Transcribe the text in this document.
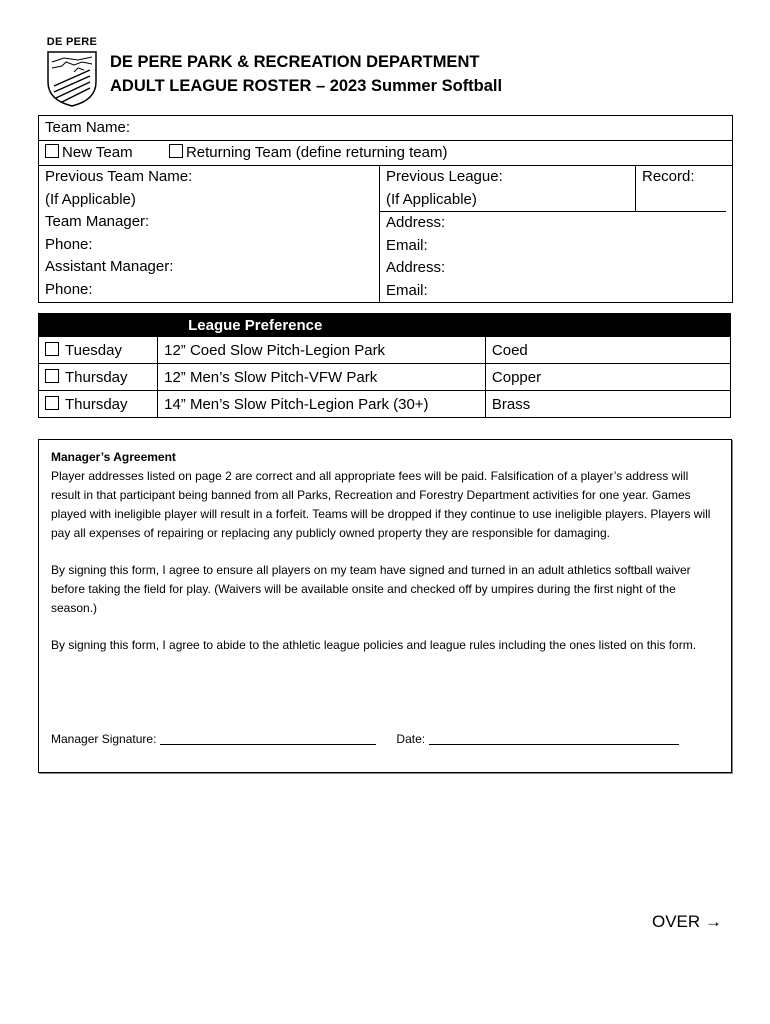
DE PERE
DE PERE PARK & RECREATION DEPARTMENT
ADULT LEAGUE ROSTER – 2023 Summer Softball
Team Name:
New Team	Returning Team (define returning team)
Previous Team Name:
(If Applicable)
Team Manager:
Phone:
Assistant Manager:
Phone:
Previous League:
(If Applicable)
Record:
Address:
Email:
Address:
Email:
	League Preference	
Tuesday	12” Coed Slow Pitch-Legion Park	Coed
Thursday	12” Men’s Slow Pitch-VFW Park	Copper
Thursday	14” Men’s Slow Pitch-Legion Park (30+)	Brass
Manager’s Agreement

Player addresses listed on page 2 are correct and all appropriate fees will be paid. Falsification of a player’s address will result in that participant being banned from all Parks, Recreation and Forestry Department activities for one year. Games played with ineligible player will result in a forfeit. Teams will be dropped if they continue to use ineligible players. Players will pay all expenses of repairing or replacing any publicly owned property they are responsible for damaging.

By signing this form, I agree to ensure all players on my team have signed and turned in an adult athletics softball waiver before taking the field for play. (Waivers will be available onsite and checked off by umpires during the first night of the season.)

By signing this form, I agree to abide to the athletic league policies and league rules including the ones listed on this form.

Manager Signature:	Date:
OVER →
